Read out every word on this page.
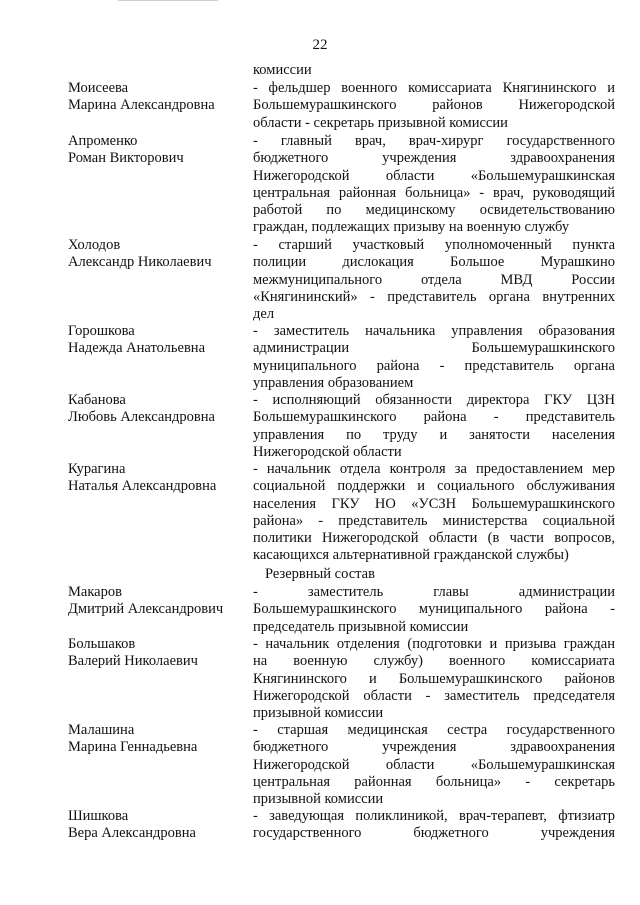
22
комиссии
Моисеева
Марина Александровна
- фельдшер военного комиссариата Княгининского и
Большемурашкинского районов Нижегородской
области - секретарь призывной комиссии
Апроменко
Роман Викторович
- главный врач, врач-хирург государственного
бюджетного учреждения здравоохранения
Нижегородской области «Большемурашкинская
центральная районная больница» - врач, руководящий
работой по медицинскому освидетельствованию
граждан, подлежащих призыву на военную службу
Холодов
Александр Николаевич
- старший участковый уполномоченный пункта
полиции дислокация Большое Мурашкино
межмуниципального отдела МВД России
«Княгининский» - представитель органа внутренних
дел
Горошкова
Надежда Анатольевна
- заместитель начальника управления образования
администрации Большемурашкинского
муниципального района - представитель органа
управления образованием
Кабанова
Любовь Александровна
- исполняющий обязанности директора ГКУ ЦЗН
Большемурашкинского района - представитель
управления по труду и занятости населения
Нижегородской области
Курагина
Наталья Александровна
- начальник отдела контроля за предоставлением мер
социальной поддержки и социального обслуживания
населения ГКУ НО «УСЗН Большемурашкинского
района» - представитель министерства социальной
политики Нижегородской области (в части вопросов,
касающихся альтернативной гражданской службы)
Резервный состав
Макаров
Дмитрий Александрович
- заместитель главы администрации
Большемурашкинского муниципального района -
председатель призывной комиссии
Большаков
Валерий Николаевич
- начальник отделения (подготовки и призыва граждан
на военную службу) военного комиссариата
Княгининского и Большемурашкинского районов
Нижегородской области - заместитель председателя
призывной комиссии
Малашина
Марина Геннадьевна
- старшая медицинская сестра государственного
бюджетного учреждения здравоохранения
Нижегородской области «Большемурашкинская
центральная районная больница» - секретарь
призывной комиссии
Шишкова
Вера Александровна
- заведующая поликлиникой, врач-терапевт, фтизиатр
государственного бюджетного учреждения
